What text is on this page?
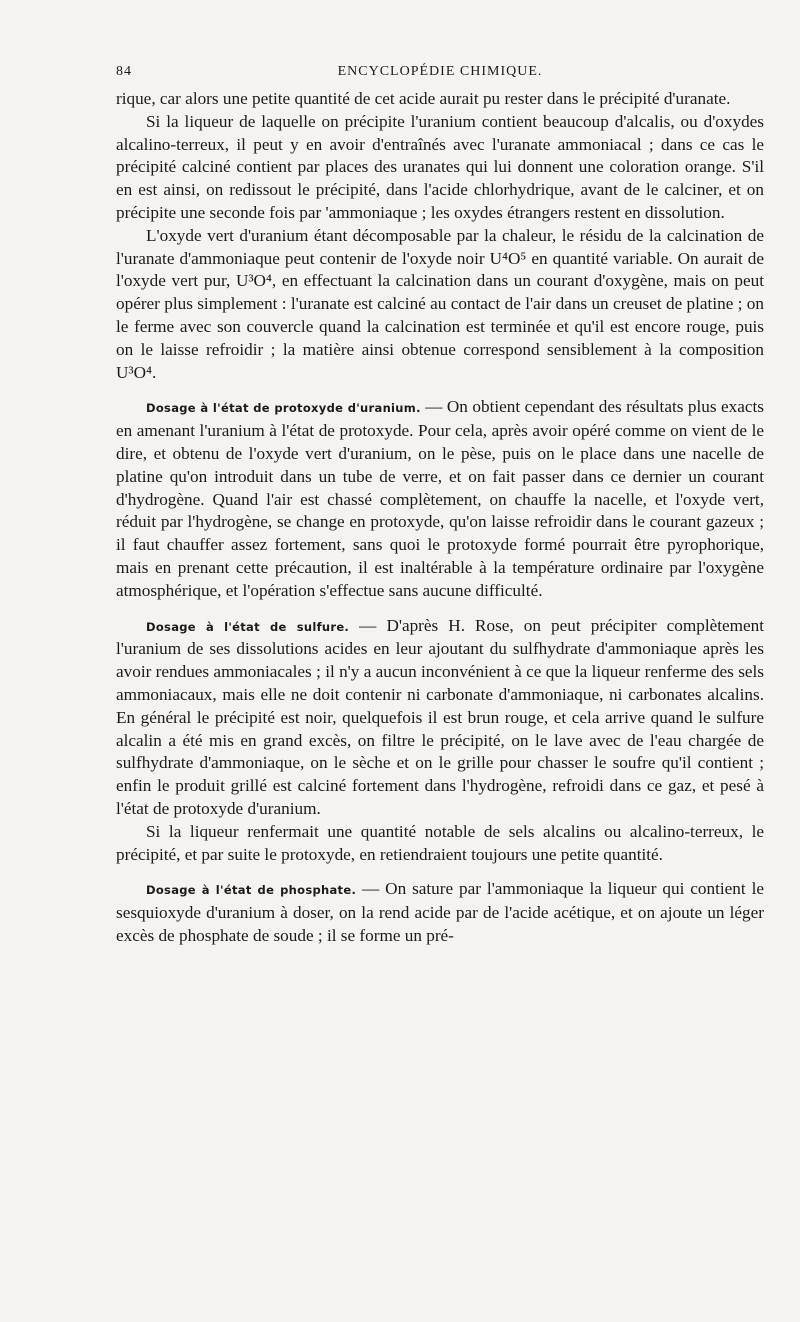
84	ENCYCLOPÉDIE CHIMIQUE.

rique, car alors une petite quantité de cet acide aurait pu rester dans le précipité d'uranate.

Si la liqueur de laquelle on précipite l'uranium contient beaucoup d'alcalis, ou d'oxydes alcalino-terreux, il peut y en avoir d'entraînés avec l'uranate ammoniacal ; dans ce cas le précipité calciné contient par places des uranates qui lui donnent une coloration orange. S'il en est ainsi, on redissout le précipité, dans l'acide chlorhydrique, avant de le calciner, et on précipite une seconde fois par 'ammoniaque ; les oxydes étrangers restent en dissolution.

L'oxyde vert d'uranium étant décomposable par la chaleur, le résidu de la calcination de l'uranate d'ammoniaque peut contenir de l'oxyde noir U⁴O⁵ en quantité variable. On aurait de l'oxyde vert pur, U³O⁴, en effectuant la calcination dans un courant d'oxygène, mais on peut opérer plus simplement : l'uranate est calciné au contact de l'air dans un creuset de platine ; on le ferme avec son couvercle quand la calcination est terminée et qu'il est encore rouge, puis on le laisse refroidir ; la matière ainsi obtenue correspond sensiblement à la composition U³O⁴.

Dosage à l'état de protoxyde d'uranium. — On obtient cependant des résultats plus exacts en amenant l'uranium à l'état de protoxyde. Pour cela, après avoir opéré comme on vient de le dire, et obtenu de l'oxyde vert d'uranium, on le pèse, puis on le place dans une nacelle de platine qu'on introduit dans un tube de verre, et on fait passer dans ce dernier un courant d'hydrogène. Quand l'air est chassé complètement, on chauffe la nacelle, et l'oxyde vert, réduit par l'hydrogène, se change en protoxyde, qu'on laisse refroidir dans le courant gazeux ; il faut chauffer assez fortement, sans quoi le protoxyde formé pourrait être pyrophorique, mais en prenant cette précaution, il est inaltérable à la température ordinaire par l'oxygène atmosphérique, et l'opération s'effectue sans aucune difficulté.

Dosage à l'état de sulfure. — D'après H. Rose, on peut précipiter complètement l'uranium de ses dissolutions acides en leur ajoutant du sulfhydrate d'ammoniaque après les avoir rendues ammoniacales ; il n'y a aucun inconvénient à ce que la liqueur renferme des sels ammoniacaux, mais elle ne doit contenir ni carbonate d'ammoniaque, ni carbonates alcalins. En général le précipité est noir, quelquefois il est brun rouge, et cela arrive quand le sulfure alcalin a été mis en grand excès, on filtre le précipité, on le lave avec de l'eau chargée de sulfhydrate d'ammoniaque, on le sèche et on le grille pour chasser le soufre qu'il contient ; enfin le produit grillé est calciné fortement dans l'hydrogène, refroidi dans ce gaz, et pesé à l'état de protoxyde d'uranium.

Si la liqueur renfermait une quantité notable de sels alcalins ou alcalino-terreux, le précipité, et par suite le protoxyde, en retiendraient toujours une petite quantité.

Dosage à l'état de phosphate. — On sature par l'ammoniaque la liqueur qui contient le sesquioxyde d'uranium à doser, on la rend acide par de l'acide acétique, et on ajoute un léger excès de phosphate de soude ; il se forme un pré-
